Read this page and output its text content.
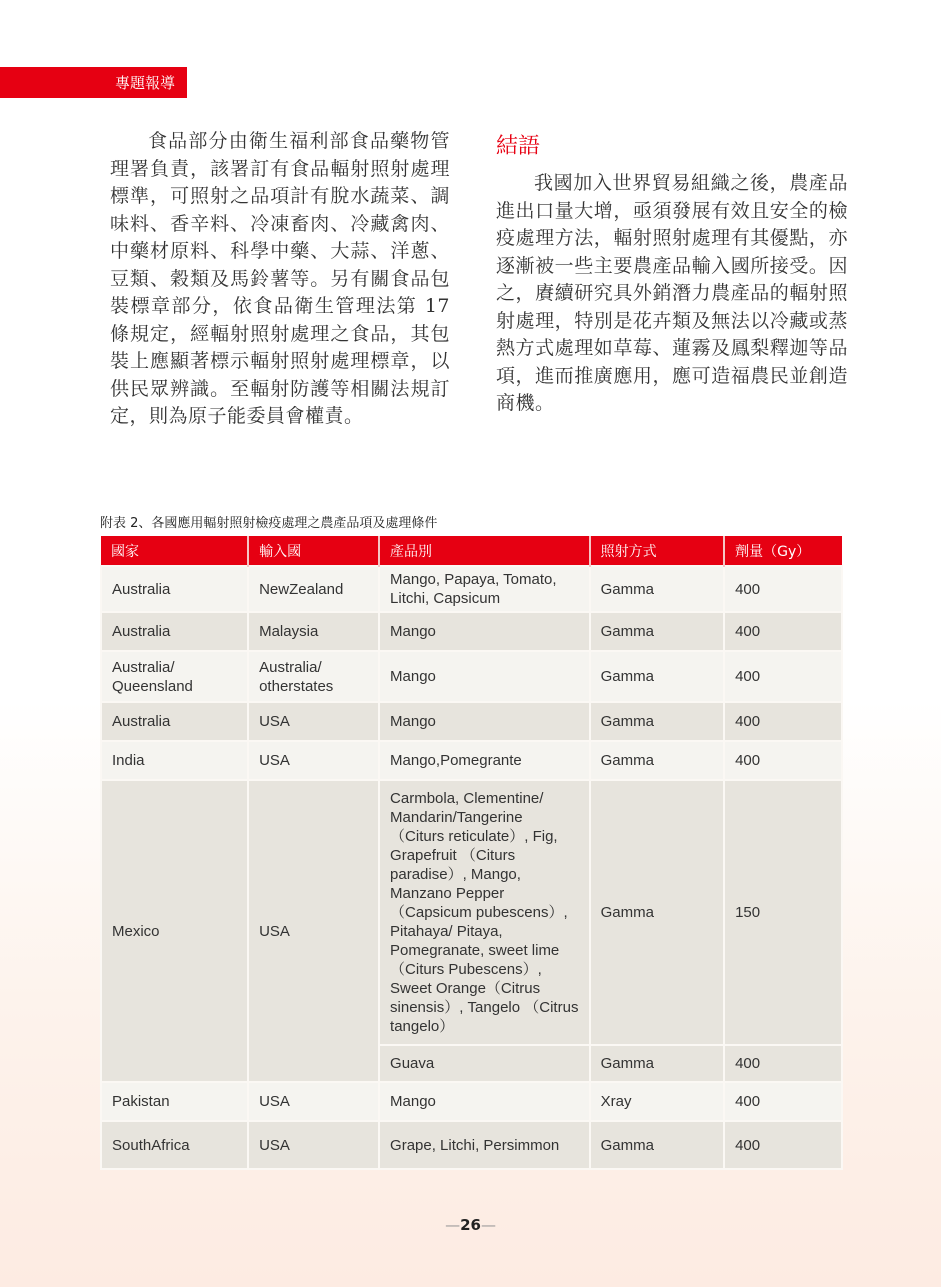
專題報導

食品部分由衛生福利部食品藥物管理署負責，該署訂有食品輻射照射處理標準，可照射之品項計有脫水蔬菜、調味料、香辛料、冷凍畜肉、冷藏禽肉、中藥材原料、科學中藥、大蒜、洋蔥、豆類、穀類及馬鈴薯等。另有關食品包裝標章部分，依食品衛生管理法第 17 條規定，經輻射照射處理之食品，其包裝上應顯著標示輻射照射處理標章，以供民眾辨識。至輻射防護等相關法規訂定，則為原子能委員會權責。

結語

我國加入世界貿易組織之後，農產品進出口量大增，亟須發展有效且安全的檢疫處理方法，輻射照射處理有其優點，亦逐漸被一些主要農產品輸入國所接受。因之，賡續研究具外銷潛力農產品的輻射照射處理，特別是花卉類及無法以冷藏或蒸熱方式處理如草莓、蓮霧及鳳梨釋迦等品項，進而推廣應用，應可造福農民並創造商機。

附表 2、各國應用輻射照射檢疫處理之農產品項及處理條件
國家	輸入國	產品別	照射方式	劑量（Gy）
Australia	NewZealand	Mango, Papaya, Tomato, Litchi, Capsicum	Gamma	400
Australia	Malaysia	Mango	Gamma	400
Australia/ Queensland	Australia/ otherstates	Mango	Gamma	400
Australia	USA	Mango	Gamma	400
India	USA	Mango,Pomegrante	Gamma	400
Mexico	USA	Carmbola, Clementine/ Mandarin/Tangerine （Citurs reticulate）, Fig, Grapefruit （Citurs paradise）, Mango, Manzano Pepper（Capsicum pubescens）, Pitahaya/ Pitaya, Pomegranate, sweet lime（Citurs Pubescens）, Sweet Orange（Citrus sinensis）, Tangelo （Citrus tangelo）	Gamma	150
		Guava	Gamma	400
Pakistan	USA	Mango	Xray	400
SouthAfrica	USA	Grape, Litchi, Persimmon	Gamma	400
—26—
